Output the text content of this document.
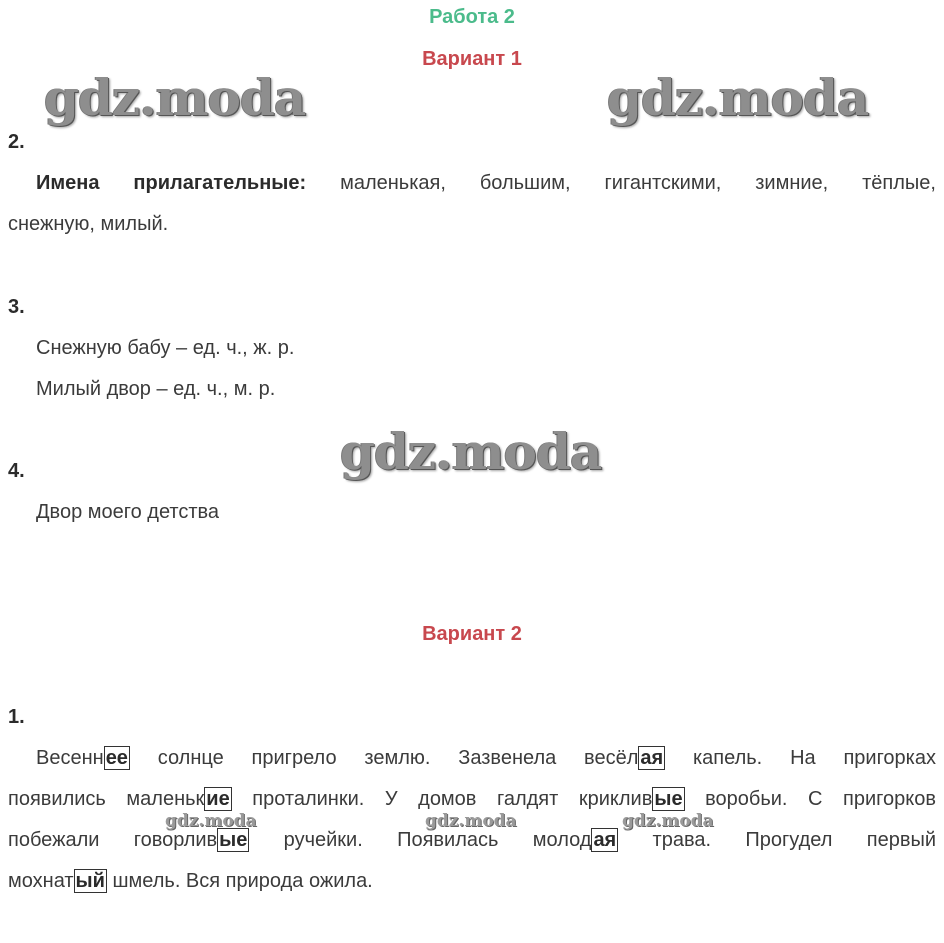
Работа 2
Вариант 1
gdz.moda	gdz.moda
2.
Имена прилагательные: маленькая, большим, гигантскими, зимние, тёплые,
снежную, милый.
3.
Снежную бабу – ед. ч., ж. р.
Милый двор – ед. ч., м. р.
gdz.moda
4.
Двор моего детства
Вариант 2
1.
Весенн ее солнце пригрело землю. Зазвенела весёл ая капель. На пригорках
появились маленьк ие проталинки. У домов галдят криклив ые воробьи. С пригорков
побежали говорлив ые ручейки. Появилась молод ая трава. Прогудел первый
мохнат ый шмель. Вся природа ожила.
gdz.moda	gdz.moda	gdz.moda
